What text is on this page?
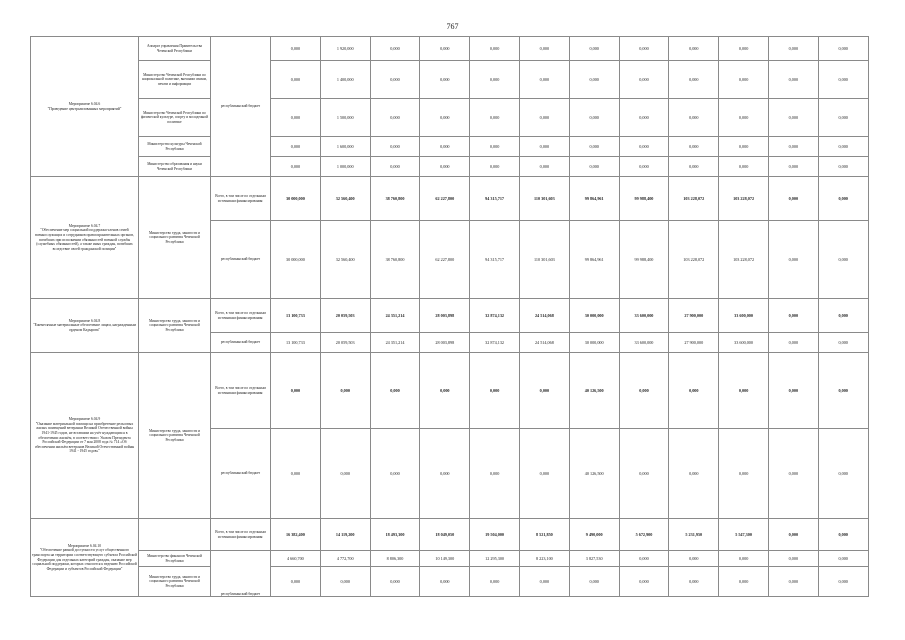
767
Мероприятие 6.04.6
"Проведение централизованных мероприятий"	Аппарат управления Правительства Чеченской Республики	республиканский бюджет	0,000	1 920,000	0,000	0,000	0,000	0,000	0,000	0,000	0,000	0,000	0,000	0,000
	Министерство Чеченской Республики по национальной политике, внешним связям, печати и информации		0,000	1 400,000	0,000	0,000	0,000	0,000	0,000	0,000	0,000	0,000	0,000	0,000
	Министерство Чеченской Республики по физической культуре, спорту и молодежной политике		0,000	1 500,000	0,000	0,000	0,000	0,000	0,000	0,000	0,000	0,000	0,000	0,000
	Министерство культуры Чеченской Республики		0,000	1 600,000	0,000	0,000	0,000	0,000	0,000	0,000	0,000	0,000	0,000	0,000
	Министерство образования и науки Чеченской Республики		0,000	1 000,000	0,000	0,000	0,000	0,000	0,000	0,000	0,000	0,000	0,000	0,000
Мероприятие 6.04.7
"Обеспечение мер социальной поддержки членов семей военнослужащих и сотрудников правоохранительных органов, погибших при исполнении обязанностей военной службы (служебных обязанностей), а также иных граждан, погибших вследствие своей гражданской позиции"	Министерство труда, занятости и социального развития Чеченской Республики	Всего, в том числе по отдельным источникам финансирования:	30 000,000	32 560,400	38 760,800	62 227,800	94 315,717	110 301,603	99 864,961	99 988,400	103 228,072	103 228,072	0,000	0,000
		республиканский бюджет	30 000,000	32 560,400	38 760,800	62 227,800	94 315,717	110 301,603	99 864,961	99 988,400	103 228,072	103 228,072	0,000	0,000
Мероприятие 6.04.8
"Ежемесячные материальные обеспечение лицам, награжденным орденом Кадырова"	Министерство труда, занятости и социального развития Чеченской Республики	Всего, в том числе по отдельным источникам финансирования:	13 100,733	20 059,503	24 351,214	28 003,898	32 874,132	24 514,068	30 000,000	33 600,000	27 900,000	33 600,000	0,000	0,000
		республиканский бюджет	13 100,733	20 059,503	24 351,214	28 003,898	32 874,132	24 514,068	30 000,000	33 600,000	27 900,000	33 600,000	0,000	0,000
Мероприятие 6.04.9
"Оказание материальной помощи на приобретение рельсовых жилых помещений ветеранам Великой Отечественной войны 1941-1945 годов, не вставшим на учёт нуждающихся в обеспечении жильём, в соответствии с Указом Президента Российской Федерации от 7 мая 2008 года № 714 «Об обеспечении жильём ветеранов Великой Отечественной войны 1941 - 1945 годов»"	Министерство труда, занятости и социального развития Чеченской Республики	Всего, в том числе по отдельным источникам финансирования:	0,000	0,000	0,000	0,000	0,000	0,000	40 126,500	0,000	0,000	0,000	0,000	0,000
		республиканский бюджет	0,000	0,000	0,000	0,000	0,000	0,000	40 126,500	0,000	0,000	0,000	0,000	0,000
Мероприятие 6.04.10
"Обеспечение равной доступности услуг общественного транспорта на территории соответствующего субъекта Российской Федерации для отдельных категорий граждан, оказание мер социальной поддержки, которых относится к ведению Российской Федерации и субъектов Российской Федерации"		Всего, в том числе по отдельным источникам финансирования:	16 382,400	14 119,200	18 493,300	18 049,050	19 504,000	8 521,850	9 490,000	5 672,900	5 231,950	5 547,300	0,000	0,000
	Министерство финансов Чеченской Республики	республиканский бюджет	4 660,700	4 772,700	8 806,300	10 149,300	12 295,300	8 223,100	3 827,530	0,000	0,000	0,000	0,000	0,000
	Министерство труда, занятости и социального развития Чеченской Республики		0,000	0,000	0,000	0,000	0,000	0,000	0,000	0,000	0,000	0,000	0,000	0,000
